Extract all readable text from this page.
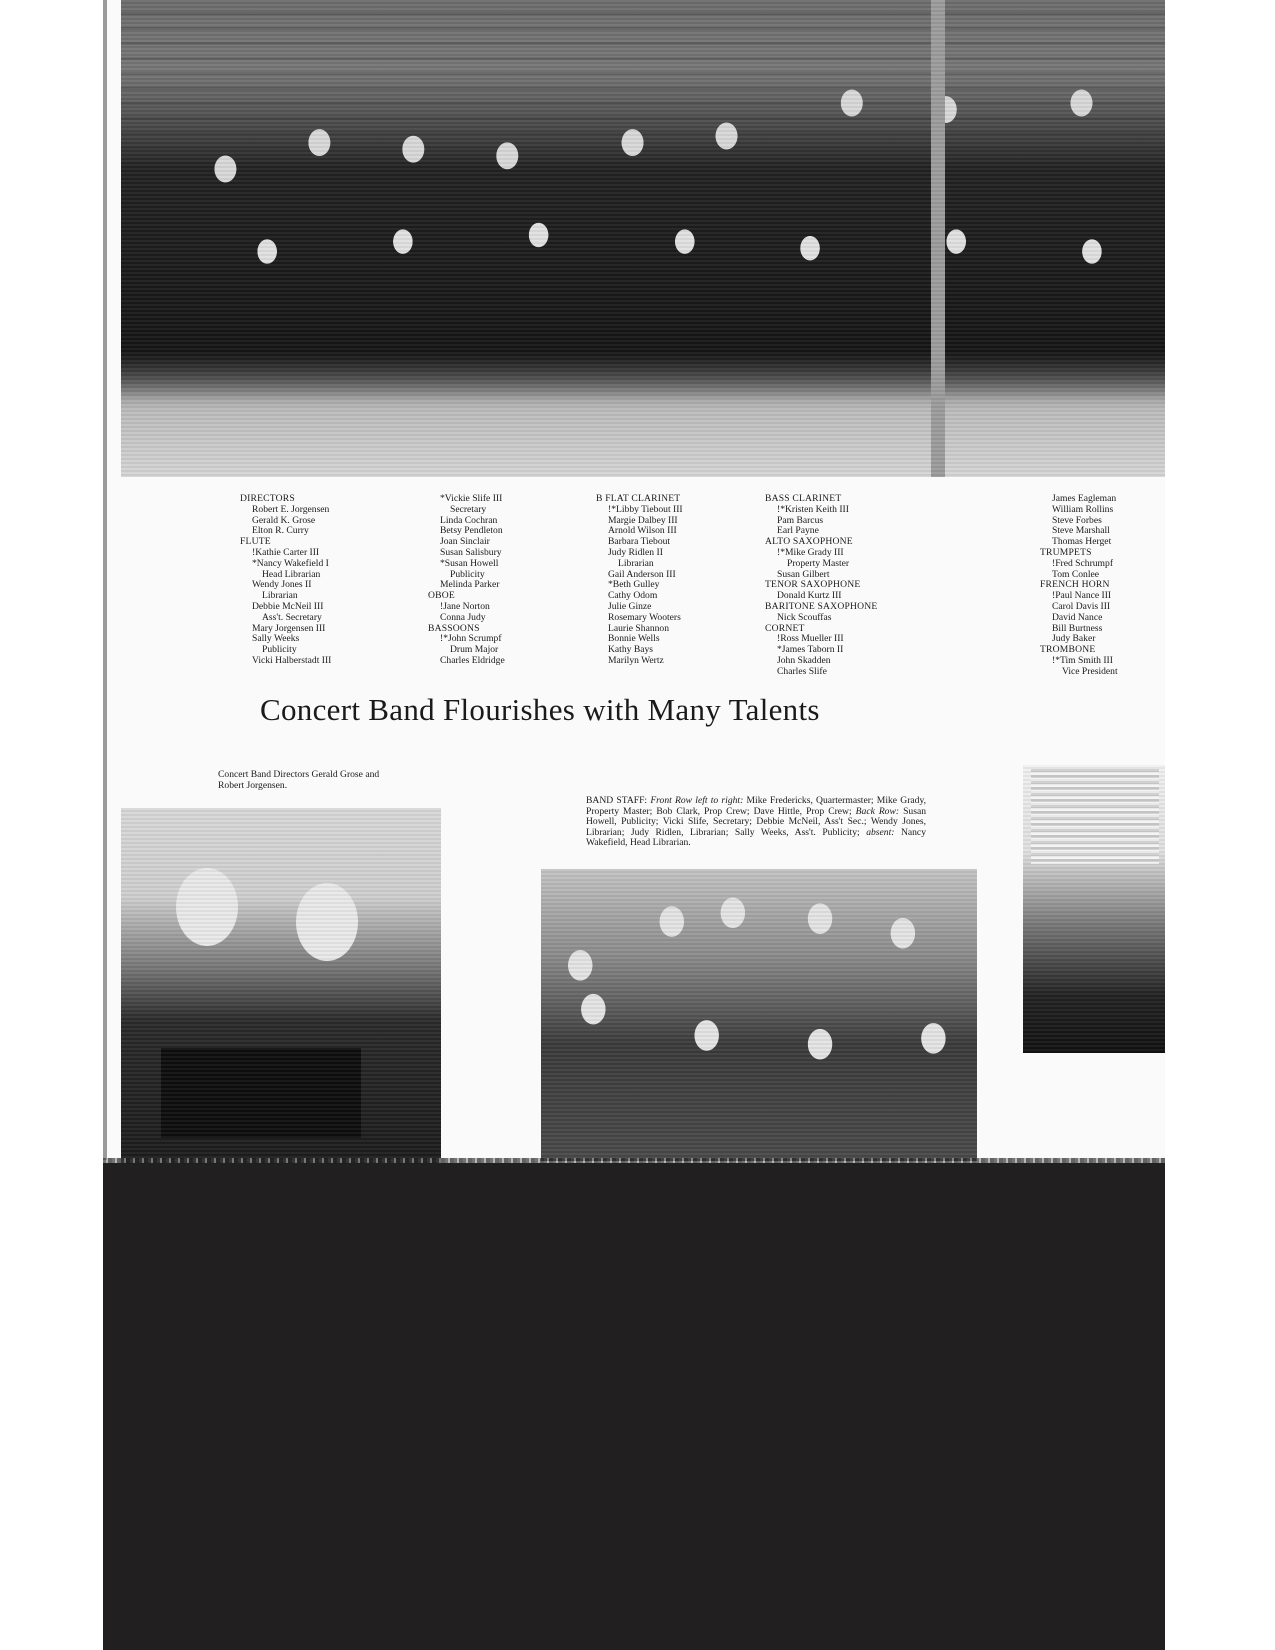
DIRECTORS
Robert E. Jorgensen
Gerald K. Grose
Elton R. Curry
FLUTE
!Kathie Carter III
*Nancy Wakefield I
Head Librarian
Wendy Jones II
Librarian
Debbie McNeil III
Ass't. Secretary
Mary Jorgensen III
Sally Weeks
Publicity
Vicki Halberstadt III
*Vickie Slife III
Secretary
Linda Cochran
Betsy Pendleton
Joan Sinclair
Susan Salisbury
*Susan Howell
Publicity
Melinda Parker
OBOE
!Jane Norton
Conna Judy
BASSOONS
!*John Scrumpf
Drum Major
Charles Eldridge
B FLAT CLARINET
!*Libby Tiebout III
Margie Dalbey III
Arnold Wilson III
Barbara Tiebout
Judy Ridlen II
Librarian
Gail Anderson III
*Beth Gulley
Cathy Odom
Julie Ginze
Rosemary Wooters
Laurie Shannon
Bonnie Wells
Kathy Bays
Marilyn Wertz
BASS CLARINET
!*Kristen Keith III
Pam Barcus
Earl Payne
ALTO SAXOPHONE
!*Mike Grady III
Property Master
Susan Gilbert
TENOR SAXOPHONE
Donald Kurtz III
BARITONE SAXOPHONE
Nick Scouffas
CORNET
!Ross Mueller III
*James Taborn II
John Skadden
Charles Slife
James Eagleman
William Rollins
Steve Forbes
Steve Marshall
Thomas Herget
TRUMPETS
!Fred Schrumpf
Tom Conlee
FRENCH HORN
!Paul Nance III
Carol Davis III
David Nance
Bill Burtness
Judy Baker
TROMBONE
!*Tim Smith III
Vice President
Concert Band Flourishes with Many Talents
Concert Band Directors Gerald Grose and Robert Jorgensen.
BAND STAFF: Front Row left to right: Mike Fredericks, Quartermaster; Mike Grady, Property Master; Bob Clark, Prop Crew; Dave Hittle, Prop Crew; Back Row: Susan Howell, Publicity; Vicki Slife, Secretary; Debbie McNeil, Ass't Sec.; Wendy Jones, Librarian; Judy Ridlen, Librarian; Sally Weeks, Ass't. Publicity; absent: Nancy Wakefield, Head Librarian.
